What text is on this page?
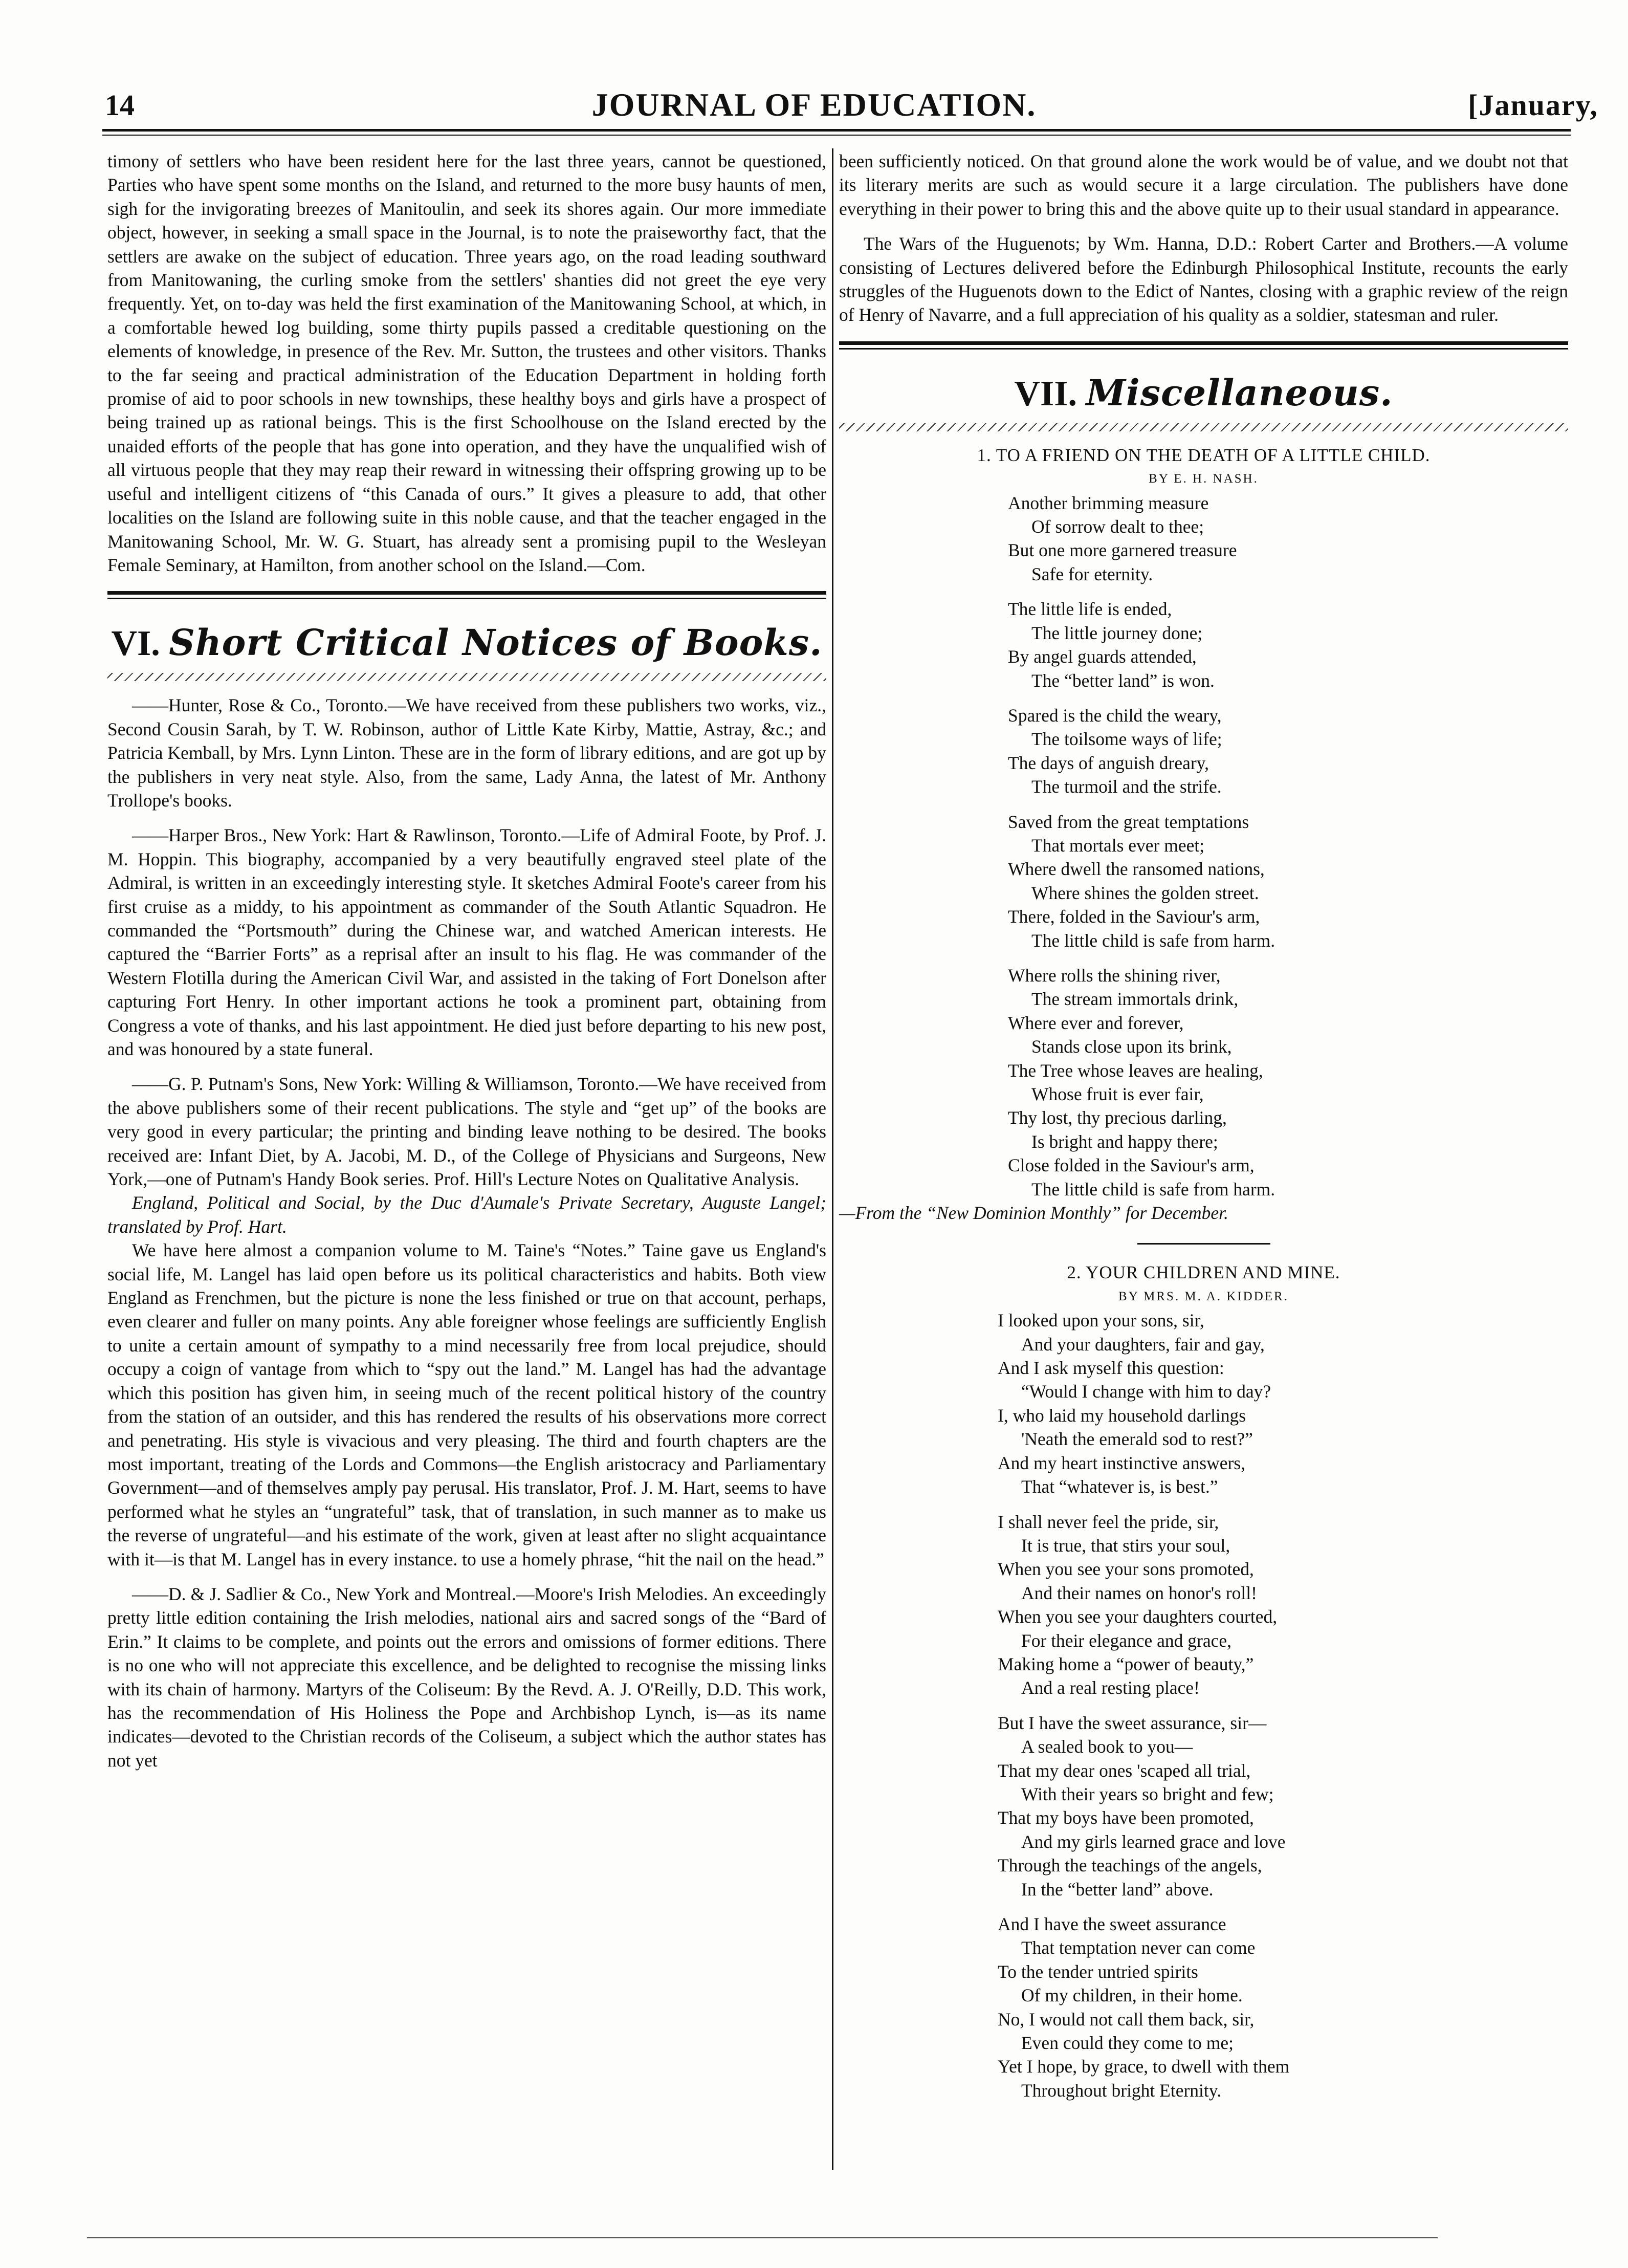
14	JOURNAL OF EDUCATION.	[January,

timony of settlers who have been resident here for the last three years, cannot be questioned, Parties who have spent some months on the Island, and returned to the more busy haunts of men, sigh for the invigorating breezes of Manitoulin, and seek its shores again. Our more immediate object, however, in seeking a small space in the Journal, is to note the praiseworthy fact, that the settlers are awake on the subject of education. Three years ago, on the road leading southward from Manitowaning, the curling smoke from the settlers' shanties did not greet the eye very frequently. Yet, on to-day was held the first examination of the Manitowaning School, at which, in a comfortable hewed log building, some thirty pupils passed a creditable questioning on the elements of knowledge, in presence of the Rev. Mr. Sutton, the trustees and other visitors. Thanks to the far seeing and practical administration of the Education Department in holding forth promise of aid to poor schools in new townships, these healthy boys and girls have a prospect of being trained up as rational beings. This is the first Schoolhouse on the Island erected by the unaided efforts of the people that has gone into operation, and they have the unqualified wish of all virtuous people that they may reap their reward in witnessing their offspring growing up to be useful and intelligent citizens of “this Canada of ours.” It gives a pleasure to add, that other localities on the Island are following suite in this noble cause, and that the teacher engaged in the Manitowaning School, Mr. W. G. Stuart, has already sent a promising pupil to the Wesleyan Female Seminary, at Hamilton, from another school on the Island.—Com.

VI. Short Critical Notices of Books.

——Hunter, Rose & Co., Toronto.—We have received from these publishers two works, viz., Second Cousin Sarah, by T. W. Robinson, author of Little Kate Kirby, Mattie, Astray, &c.; and Patricia Kemball, by Mrs. Lynn Linton. These are in the form of library editions, and are got up by the publishers in very neat style. Also, from the same, Lady Anna, the latest of Mr. Anthony Trollope's books.

——Harper Bros., New York: Hart & Rawlinson, Toronto.—Life of Admiral Foote, by Prof. J. M. Hoppin. This biography, accompanied by a very beautifully engraved steel plate of the Admiral, is written in an exceedingly interesting style. It sketches Admiral Foote's career from his first cruise as a middy, to his appointment as commander of the South Atlantic Squadron. He commanded the “Portsmouth” during the Chinese war, and watched American interests. He captured the “Barrier Forts” as a reprisal after an insult to his flag. He was commander of the Western Flotilla during the American Civil War, and assisted in the taking of Fort Donelson after capturing Fort Henry. In other important actions he took a prominent part, obtaining from Congress a vote of thanks, and his last appointment. He died just before departing to his new post, and was honoured by a state funeral.

——G. P. Putnam's Sons, New York: Willing & Williamson, Toronto.—We have received from the above publishers some of their recent publications. The style and “get up” of the books are very good in every particular; the printing and binding leave nothing to be desired. The books received are: Infant Diet, by A. Jacobi, M. D., of the College of Physicians and Surgeons, New York,—one of Putnam's Handy Book series. Prof. Hill's Lecture Notes on Qualitative Analysis.

England, Political and Social, by the Duc d'Aumale's Private Secretary, Auguste Langel; translated by Prof. Hart.

We have here almost a companion volume to M. Taine's “Notes.” Taine gave us England's social life, M. Langel has laid open before us its political characteristics and habits. Both view England as Frenchmen, but the picture is none the less finished or true on that account, perhaps, even clearer and fuller on many points. Any able foreigner whose feelings are sufficiently English to unite a certain amount of sympathy to a mind necessarily free from local prejudice, should occupy a coign of vantage from which to “spy out the land.” M. Langel has had the advantage which this position has given him, in seeing much of the recent political history of the country from the station of an outsider, and this has rendered the results of his observations more correct and penetrating. His style is vivacious and very pleasing. The third and fourth chapters are the most important, treating of the Lords and Commons—the English aristocracy and Parliamentary Government—and of themselves amply pay perusal. His translator, Prof. J. M. Hart, seems to have performed what he styles an “ungrateful” task, that of translation, in such manner as to make us the reverse of ungrateful—and his estimate of the work, given at least after no slight acquaintance with it—is that M. Langel has in every instance. to use a homely phrase, “hit the nail on the head.”

——D. & J. Sadlier & Co., New York and Montreal.—Moore's Irish Melodies. An exceedingly pretty little edition containing the Irish melodies, national airs and sacred songs of the “Bard of Erin.” It claims to be complete, and points out the errors and omissions of former editions. There is no one who will not appreciate this excellence, and be delighted to recognise the missing links with its chain of harmony. Martyrs of the Coliseum: By the Revd. A. J. O'Reilly, D.D. This work, has the recommendation of His Holiness the Pope and Archbishop Lynch, is—as its name indicates—devoted to the Christian records of the Coliseum, a subject which the author states has not yet

been sufficiently noticed. On that ground alone the work would be of value, and we doubt not that its literary merits are such as would secure it a large circulation. The publishers have done everything in their power to bring this and the above quite up to their usual standard in appearance.

The Wars of the Huguenots; by Wm. Hanna, D.D.: Robert Carter and Brothers.—A volume consisting of Lectures delivered before the Edinburgh Philosophical Institute, recounts the early struggles of the Huguenots down to the Edict of Nantes, closing with a graphic review of the reign of Henry of Navarre, and a full appreciation of his quality as a soldier, statesman and ruler.

VII. Miscellaneous.

1. TO A FRIEND ON THE DEATH OF A LITTLE CHILD.

BY E. H. NASH.

Another brimming measure

Of sorrow dealt to thee;

But one more garnered treasure

Safe for eternity.

The little life is ended,

The little journey done;

By angel guards attended,

The “better land” is won.

Spared is the child the weary,

The toilsome ways of life;

The days of anguish dreary,

The turmoil and the strife.

Saved from the great temptations

That mortals ever meet;

Where dwell the ransomed nations,

Where shines the golden street.

There, folded in the Saviour's arm,

The little child is safe from harm.

Where rolls the shining river,

The stream immortals drink,

Where ever and forever,

Stands close upon its brink,

The Tree whose leaves are healing,

Whose fruit is ever fair,

Thy lost, thy precious darling,

Is bright and happy there;

Close folded in the Saviour's arm,

The little child is safe from harm.

—From the “New Dominion Monthly” for December.

2. YOUR CHILDREN AND MINE.

BY MRS. M. A. KIDDER.

I looked upon your sons, sir,

And your daughters, fair and gay,

And I ask myself this question:

“Would I change with him to day?

I, who laid my household darlings

'Neath the emerald sod to rest?”

And my heart instinctive answers,

That “whatever is, is best.”

I shall never feel the pride, sir,

It is true, that stirs your soul,

When you see your sons promoted,

And their names on honor's roll!

When you see your daughters courted,

For their elegance and grace,

Making home a “power of beauty,”

And a real resting place!

But I have the sweet assurance, sir—

A sealed book to you—

That my dear ones 'scaped all trial,

With their years so bright and few;

That my boys have been promoted,

And my girls learned grace and love

Through the teachings of the angels,

In the “better land” above.

And I have the sweet assurance

That temptation never can come

To the tender untried spirits

Of my children, in their home.

No, I would not call them back, sir,

Even could they come to me;

Yet I hope, by grace, to dwell with them

Throughout bright Eternity.
